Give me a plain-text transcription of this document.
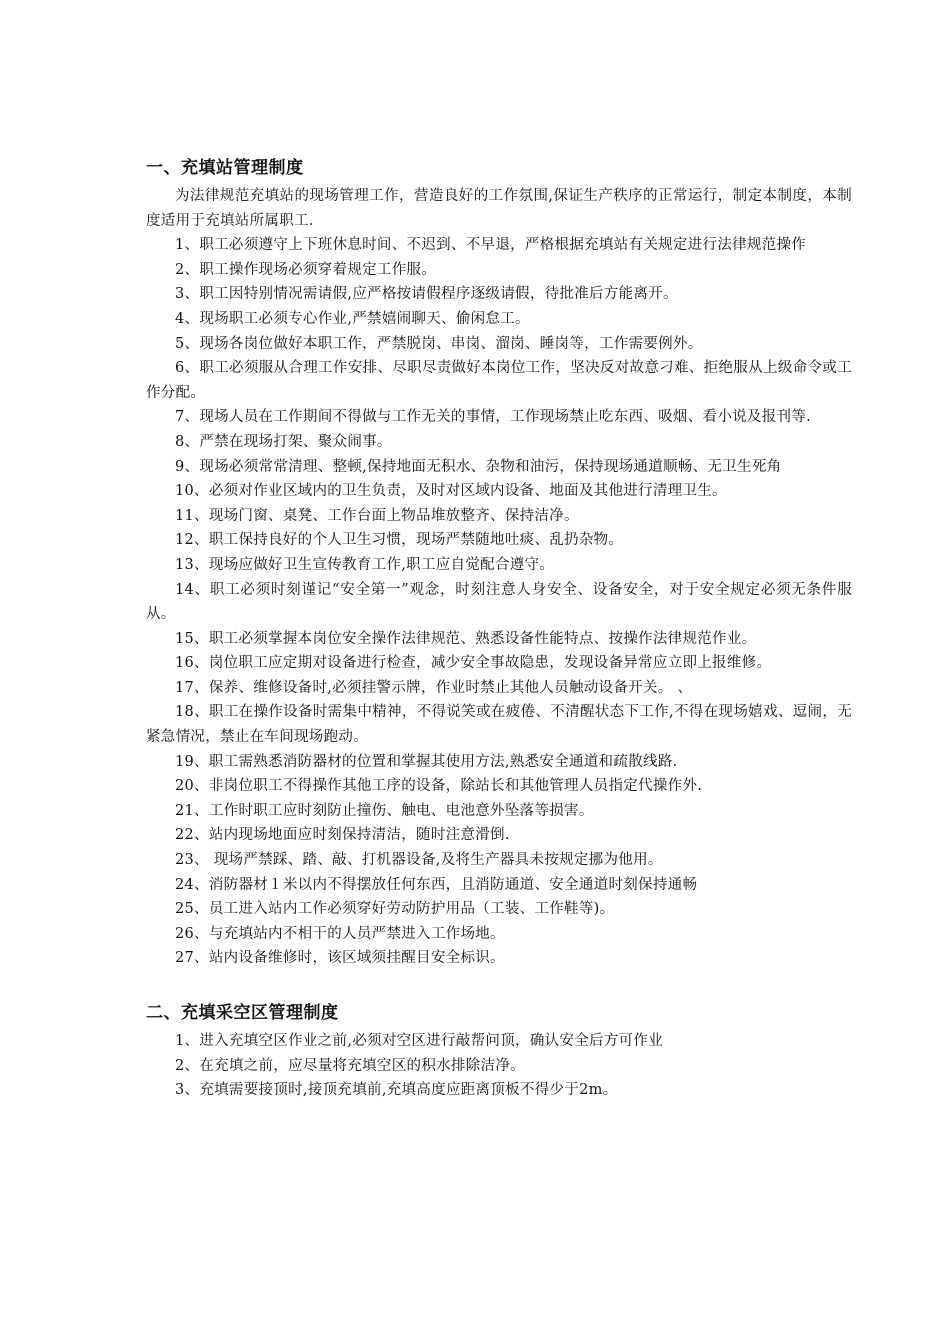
一、充填站管理制度

为法律规范充填站的现场管理工作，营造良好的工作氛围,保证生产秩序的正常运行，制定本制度，本制度适用于充填站所属职工.

1、职工必须遵守上下班休息时间、不迟到、不早退，严格根据充填站有关规定进行法律规范操作

2、职工操作现场必须穿着规定工作服。

3、职工因特别情况需请假,应严格按请假程序逐级请假，待批准后方能离开。

4、现场职工必须专心作业,严禁嬉闹聊天、偷闲怠工。

5、现场各岗位做好本职工作，严禁脱岗、串岗、溜岗、睡岗等，工作需要例外。

6、职工必须服从合理工作安排、尽职尽责做好本岗位工作，坚决反对故意刁难、拒绝服从上级命令或工作分配。

7、现场人员在工作期间不得做与工作无关的事情，工作现场禁止吃东西、吸烟、看小说及报刊等.

8、严禁在现场打架、聚众闹事。

9、现场必须常常清理、整顿,保持地面无积水、杂物和油污，保持现场通道顺畅、无卫生死角

10、必须对作业区域内的卫生负责，及时对区域内设备、地面及其他进行清理卫生。

11、现场门窗、桌凳、工作台面上物品堆放整齐、保持洁净。

12、职工保持良好的个人卫生习惯，现场严禁随地吐痰、乱扔杂物。

13、现场应做好卫生宣传教育工作,职工应自觉配合遵守。

14、职工必须时刻谨记“安全第一”观念，时刻注意人身安全、设备安全，对于安全规定必须无条件服从。

15、职工必须掌握本岗位安全操作法律规范、熟悉设备性能特点、按操作法律规范作业。

16、岗位职工应定期对设备进行检查，减少安全事故隐患，发现设备异常应立即上报维修。

17、保养、维修设备时,必须挂警示牌，作业时禁止其他人员触动设备开关。 、

18、职工在操作设备时需集中精神，不得说笑或在疲倦、不清醒状态下工作,不得在现场嬉戏、逗闹，无紧急情况，禁止在车间现场跑动。

19、职工需熟悉消防器材的位置和掌握其使用方法,熟悉安全通道和疏散线路.

20、非岗位职工不得操作其他工序的设备，除站长和其他管理人员指定代操作外.

21、工作时职工应时刻防止撞伤、触电、电池意外坠落等损害。

22、站内现场地面应时刻保持清洁，随时注意滑倒.

23、 现场严禁踩、踏、敲、打机器设备,及将生产器具未按规定挪为他用。

24、消防器材１米以内不得摆放任何东西，且消防通道、安全通道时刻保持通畅

25、员工进入站内工作必须穿好劳动防护用品（工装、工作鞋等)。

26、与充填站内不相干的人员严禁进入工作场地。

27、站内设备维修时，该区域须挂醒目安全标识。

二、充填采空区管理制度

1、进入充填空区作业之前,必须对空区进行敲帮问顶，确认安全后方可作业

2、在充填之前，应尽量将充填空区的积水排除洁净。

3、充填需要接顶时,接顶充填前,充填高度应距离顶板不得少于2m。
